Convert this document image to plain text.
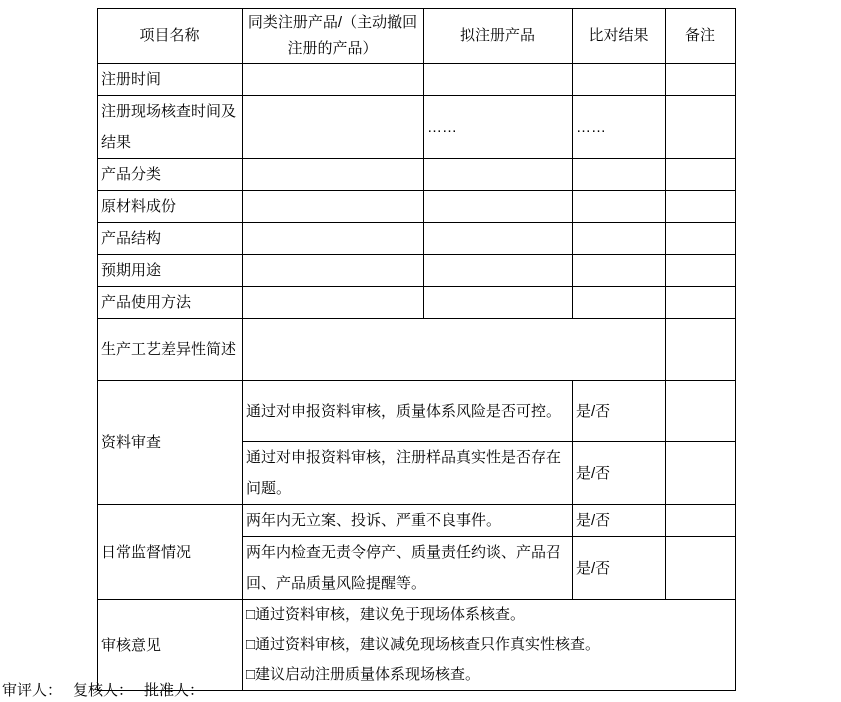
项目名称	同类注册产品/（主动撤回注册的产品）	拟注册产品	比对结果	备注
注册时间				
注册现场核查时间及结果		……	……	
产品分类				
原材料成份				
产品结构				
预期用途				
产品使用方法				
生产工艺差异性简述				
资料审查	通过对申报资料审核，质量体系风险是否可控。		是/否	
	通过对申报资料审核，注册样品真实性是否存在问题。		是/否	
日常监督情况	两年内无立案、投诉、严重不良事件。		是/否	
	两年内检查无责令停产、质量责任约谈、产品召回、产品质量风险提醒等。		是/否	
审核意见	□通过资料审核，建议免于现场体系核查。
□通过资料审核，建议减免现场核查只作真实性核查。
□建议启动注册质量体系现场核查。			
审评人： 复核人： 批准人：
